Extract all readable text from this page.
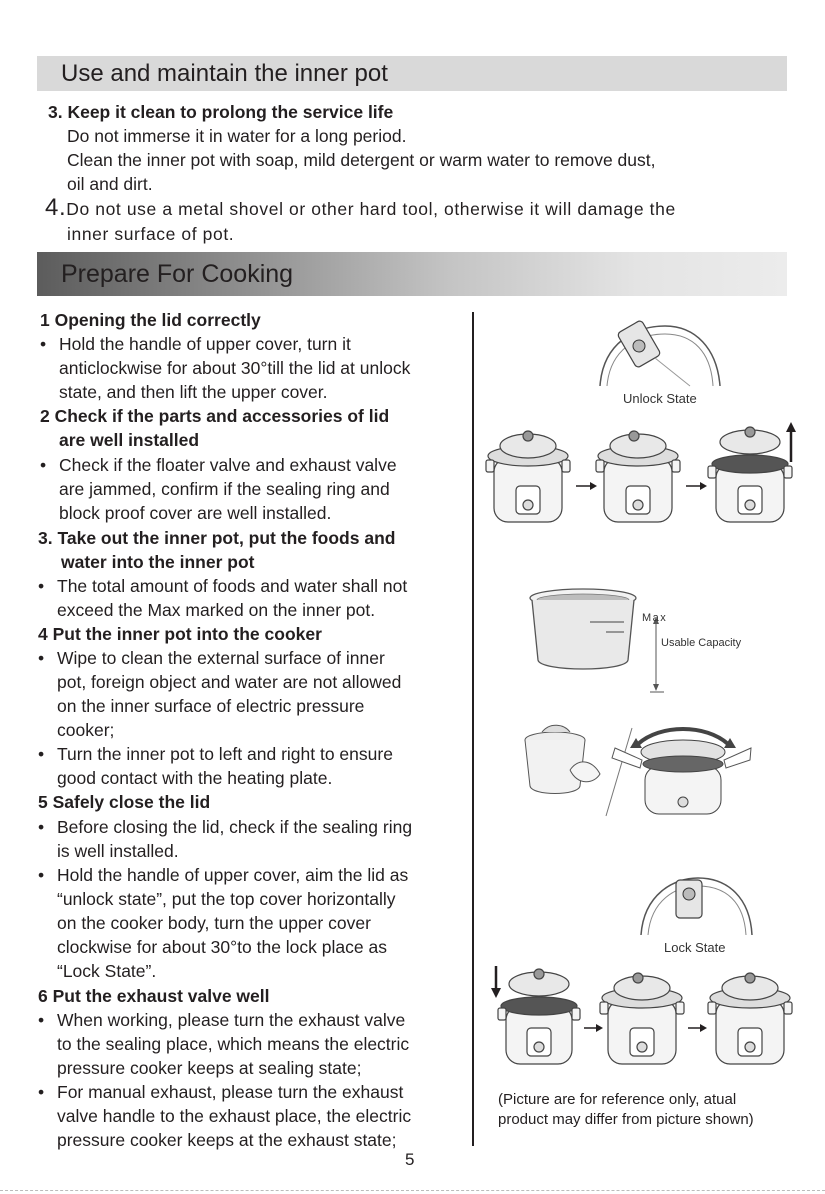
Use and maintain the inner pot
3. Keep it clean to prolong the service life
Do not immerse it in water for a long period.
Clean the inner pot with soap, mild detergent or warm water to remove dust,
oil and dirt.
4.Do not use a metal shovel or other hard tool, otherwise it will damage the
inner surface of pot.
Prepare For Cooking
1 Opening the lid correctly
• Hold the handle of upper cover, turn it
anticlockwise for about 30°till the lid at unlock
state, and then lift the upper cover.
2 Check if the parts and accessories of lid
are well installed
• Check if the floater valve and exhaust valve
are jammed, confirm if the sealing ring and
block proof cover are well installed.
3. Take out the inner pot, put the foods and
water into the inner pot
• The total amount of foods and water shall not
exceed the Max marked on the inner pot.
4 Put the inner pot into the cooker
• Wipe to clean the external surface of inner
pot, foreign object and water are not allowed
on the inner surface of electric pressure
cooker;
• Turn the inner pot to left and right to ensure
good contact with the heating plate.
5 Safely close the lid
• Before closing the lid, check if the sealing ring
is well installed.
• Hold the handle of upper cover, aim the lid as
“unlock state”, put the top cover horizontally
on the cooker body, turn the upper cover
clockwise for about 30°to the lock place as
“Lock State”.
6 Put the exhaust valve well
• When working, please turn the exhaust valve
to the sealing place, which means the electric
pressure cooker keeps at sealing state;
• For manual exhaust, please turn the exhaust
valve handle to the exhaust place, the electric
pressure cooker keeps at the exhaust state;
Unlock State
Max
Usable Capacity
Lock State
(Picture are for reference only, atual
product may differ from picture shown)
5
